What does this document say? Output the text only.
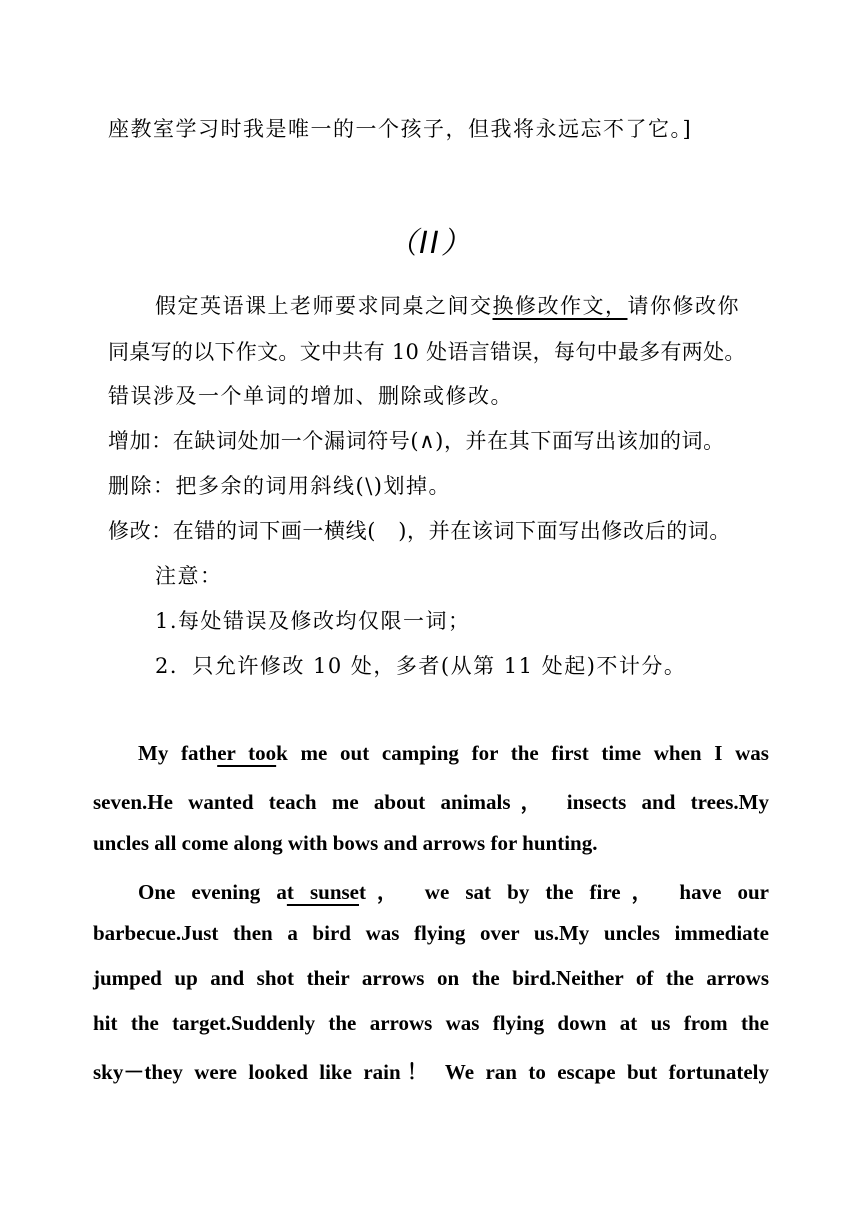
座教室学习时我是唯一的一个孩子，但我将永远忘不了它。]
（II）
假定英语课上老师要求同桌之间交换修改作文，请你修改你
同桌写的以下作文。文中共有 10 处语言错误，每句中最多有两处。
错误涉及一个单词的增加、删除或修改。
增加：在缺词处加一个漏词符号(∧)，并在其下面写出该加的词。
删除：把多余的词用斜线(\)划掉。
修改：在错的词下画一横线( )，并在该词下面写出修改后的词。
注意：
1.每处错误及修改均仅限一词；
2．只允许修改 10 处，多者(从第 11 处起)不计分。
My father took me out camping for the first time when I was
seven.He wanted teach me about animals， insects and trees.My
uncles all come along with bows and arrows for hunting.
One evening at sunset， we sat by the fire， have our
barbecue.Just then a bird was flying over us.My uncles immediate
jumped up and shot their arrows on the bird.Neither of the arrows
hit the target.Suddenly the arrows was flying down at us from the
sky－they were looked like rain！ We ran to escape but fortunately
